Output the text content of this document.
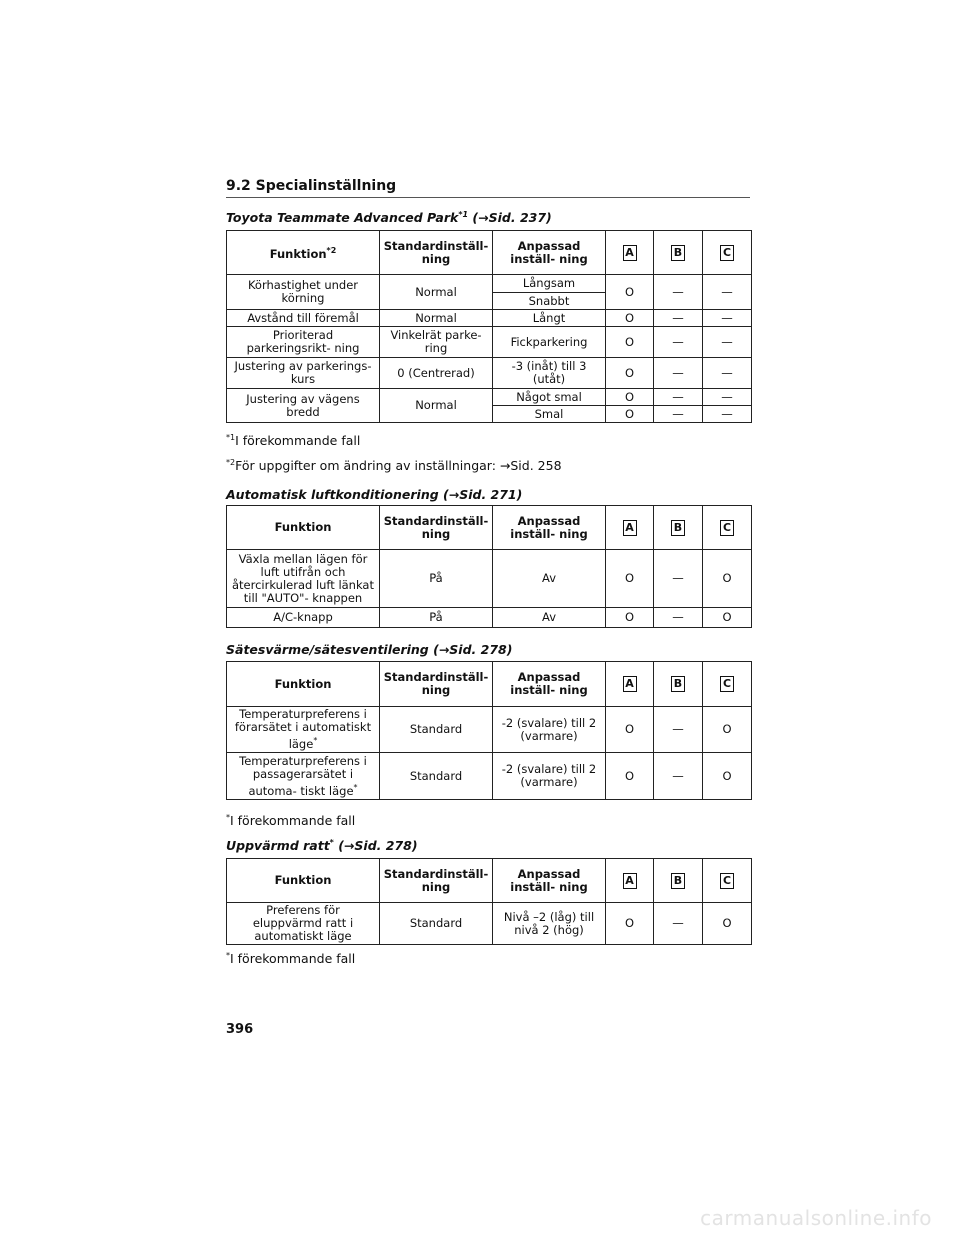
9.2 Specialinställning
Toyota Teammate Advanced Park$^{*1}$ (→Sid. 237)
Funktion$^{*2}$	Standardinställ- ning	Anpassad inställ- ning	A	B	C
Körhastighet under körning	Normal	Långsam	O	—	—
		Snabbt			
Avstånd till föremål	Normal	Långt	O	—	—
Prioriterad parkeringsrikt- ning	Vinkelrät parke- ring	Fickparkering	O	—	—
Justering av parkerings- kurs	0 (Centrerad)	-3 (inåt) till 3 (utåt)	O	—	—
Justering av vägens bredd	Normal	Något smal	O	—	—
		Smal	O	—	—
$^{*1}$I förekommande fall
$^{*2}$För uppgifter om ändring av inställningar: →Sid. 258
Automatisk luftkonditionering (→Sid. 271)
Funktion	Standardinställ- ning	Anpassad inställ- ning	A	B	C
Växla mellan lägen för luft utifrån och återcirkulerad luft länkat till "AUTO"- knappen	På	Av	O	—	O
A/C-knapp	På	Av	O	—	O
Sätesvärme/sätesventilering (→Sid. 278)
Funktion	Standardinställ- ning	Anpassad inställ- ning	A	B	C
Temperaturpreferens i förarsätet i automatiskt läge*	Standard	-2 (svalare) till 2 (varmare)	O	—	O
Temperaturpreferens i passagerarsätet i automa- tiskt läge*	Standard	-2 (svalare) till 2 (varmare)	O	—	O
*I förekommande fall
Uppvärmd ratt* (→Sid. 278)
Funktion	Standardinställ- ning	Anpassad inställ- ning	A	B	C
Preferens för eluppvärmd ratt i automatiskt läge	Standard	Nivå –2 (låg) till nivå 2 (hög)	O	—	O
*I förekommande fall
396
carmanualsonline.info
